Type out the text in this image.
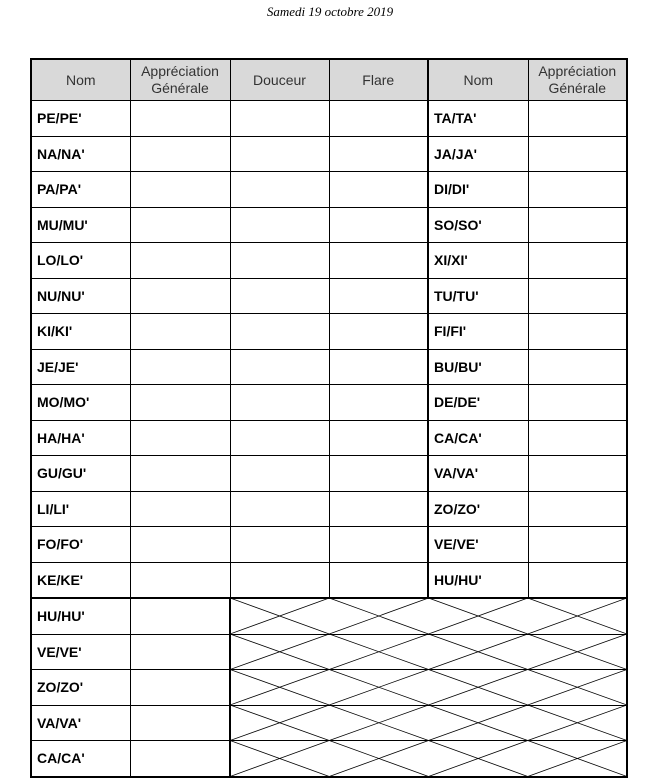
Samedi 19 octobre 2019
Nom	Appréciation Générale	Douceur	Flare	Nom	Appréciation Générale
PE/PE'				TA/TA'	
NA/NA'				JA/JA'	
PA/PA'				DI/DI'	
MU/MU'				SO/SO'	
LO/LO'				XI/XI'	
NU/NU'				TU/TU'	
KI/KI'				FI/FI'	
JE/JE'				BU/BU'	
MO/MO'				DE/DE'	
HA/HA'				CA/CA'	
GU/GU'				VA/VA'	
LI/LI'				ZO/ZO'	
FO/FO'				VE/VE'	
KE/KE'				HU/HU'	
HU/HU'					
VE/VE'					
ZO/ZO'					
VA/VA'					
CA/CA'					
